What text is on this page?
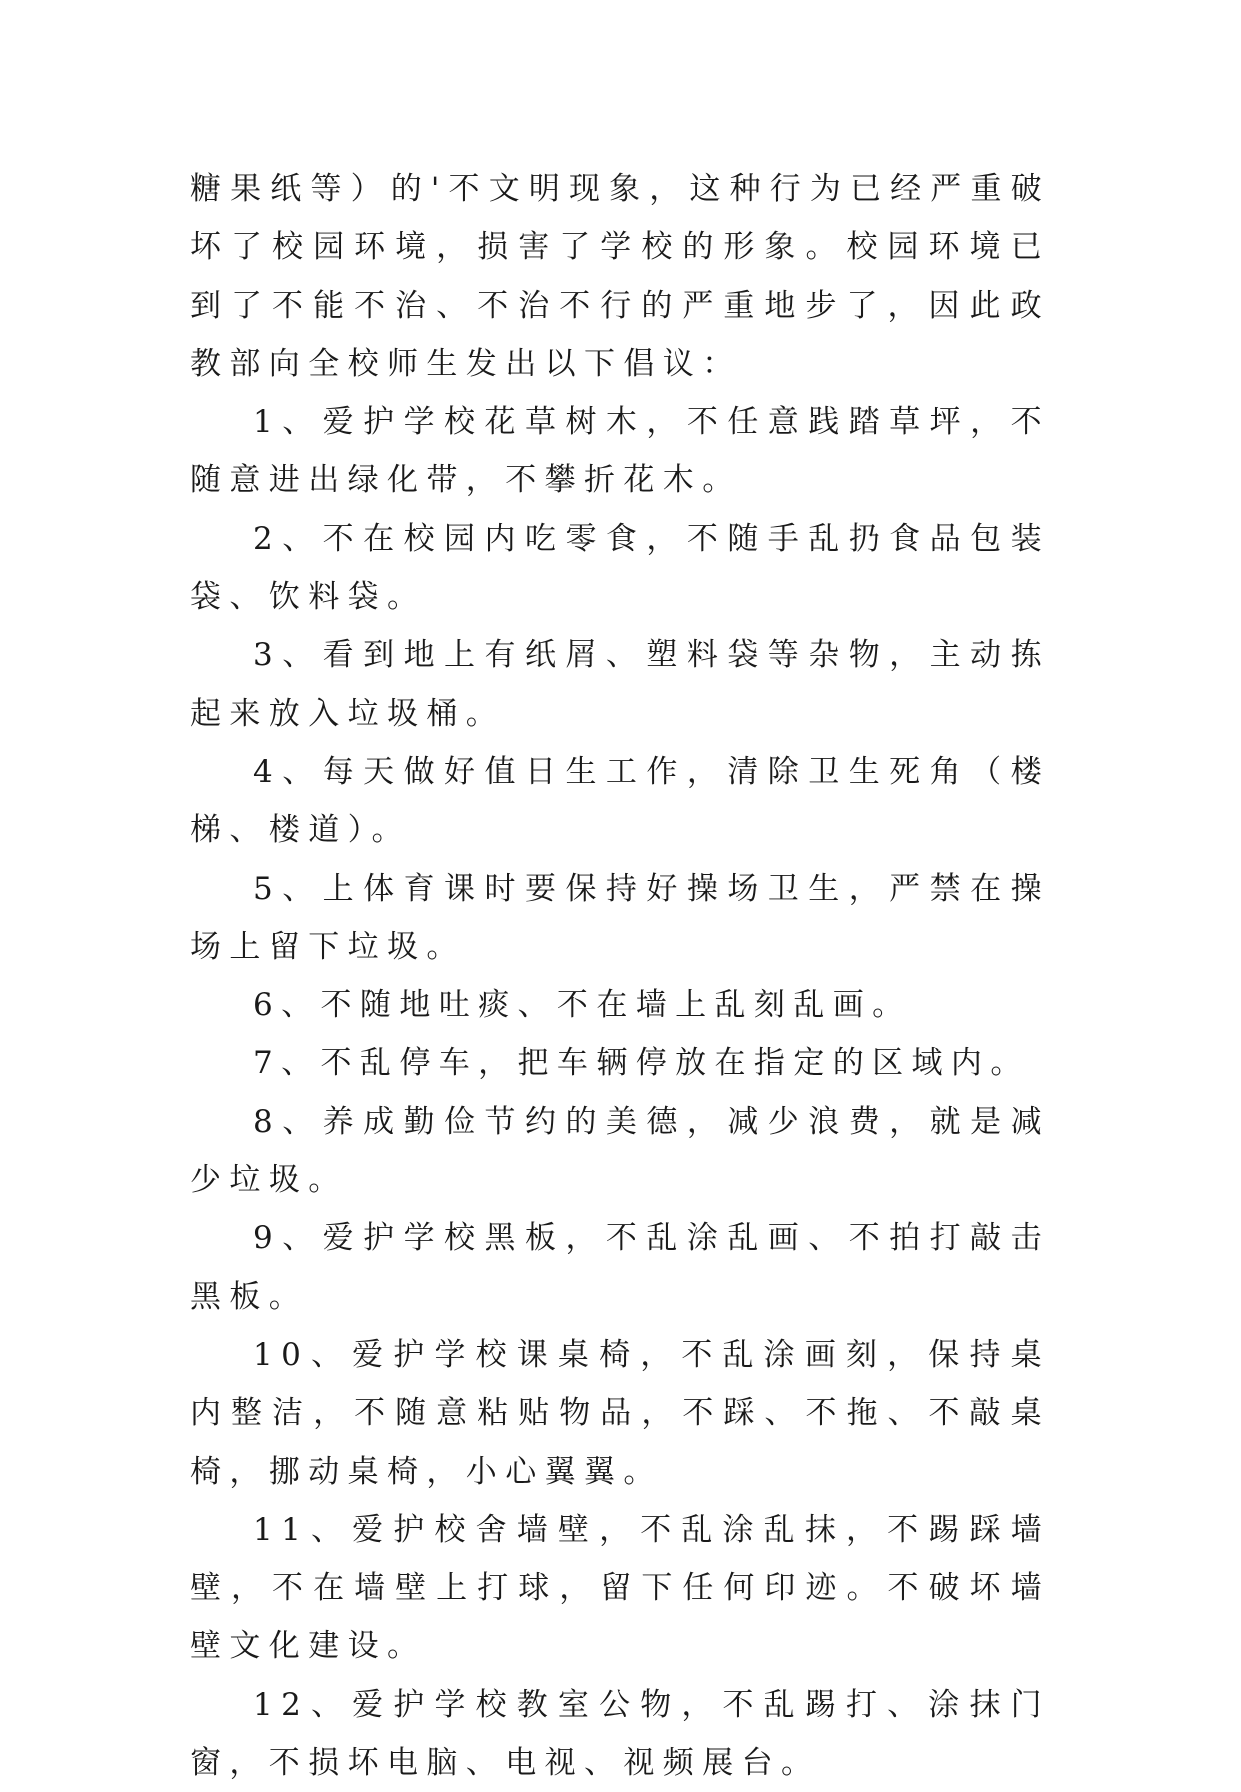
糖果纸等）的'不文明现象，这种行为已经严重破坏了校园环境，损害了学校的形象。校园环境已到了不能不治、不治不行的严重地步了，因此政教部向全校师生发出以下倡议：

1、爱护学校花草树木，不任意践踏草坪，不随意进出绿化带，不攀折花木。

2、不在校园内吃零食，不随手乱扔食品包装袋、饮料袋。

3、看到地上有纸屑、塑料袋等杂物，主动拣起来放入垃圾桶。

4、每天做好值日生工作，清除卫生死角（楼梯、楼道）。

5、上体育课时要保持好操场卫生，严禁在操场上留下垃圾。

6、不随地吐痰、不在墙上乱刻乱画。

7、不乱停车，把车辆停放在指定的区域内。

8、养成勤俭节约的美德，减少浪费，就是减少垃圾。

9、爱护学校黑板，不乱涂乱画、不拍打敲击黑板。

10、爱护学校课桌椅，不乱涂画刻，保持桌内整洁，不随意粘贴物品，不踩、不拖、不敲桌椅，挪动桌椅，小心翼翼。

11、爱护校舍墙壁，不乱涂乱抹，不踢踩墙壁，不在墙壁上打球，留下任何印迹。不破坏墙壁文化建设。

12、爱护学校教室公物，不乱踢打、涂抹门窗，不损坏电脑、电视、视频展台。
